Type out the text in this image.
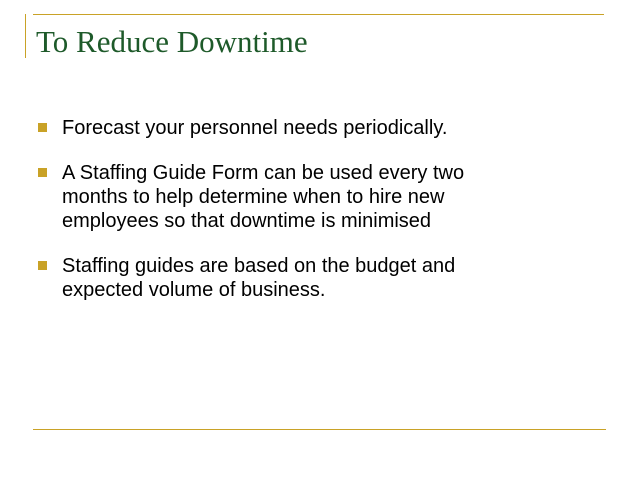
To Reduce Downtime
Forecast your personnel needs periodically.
A Staffing Guide Form can be used every two
months to help determine when to hire new
employees so that downtime is minimised
Staffing guides are based on the budget and
expected volume of business.
